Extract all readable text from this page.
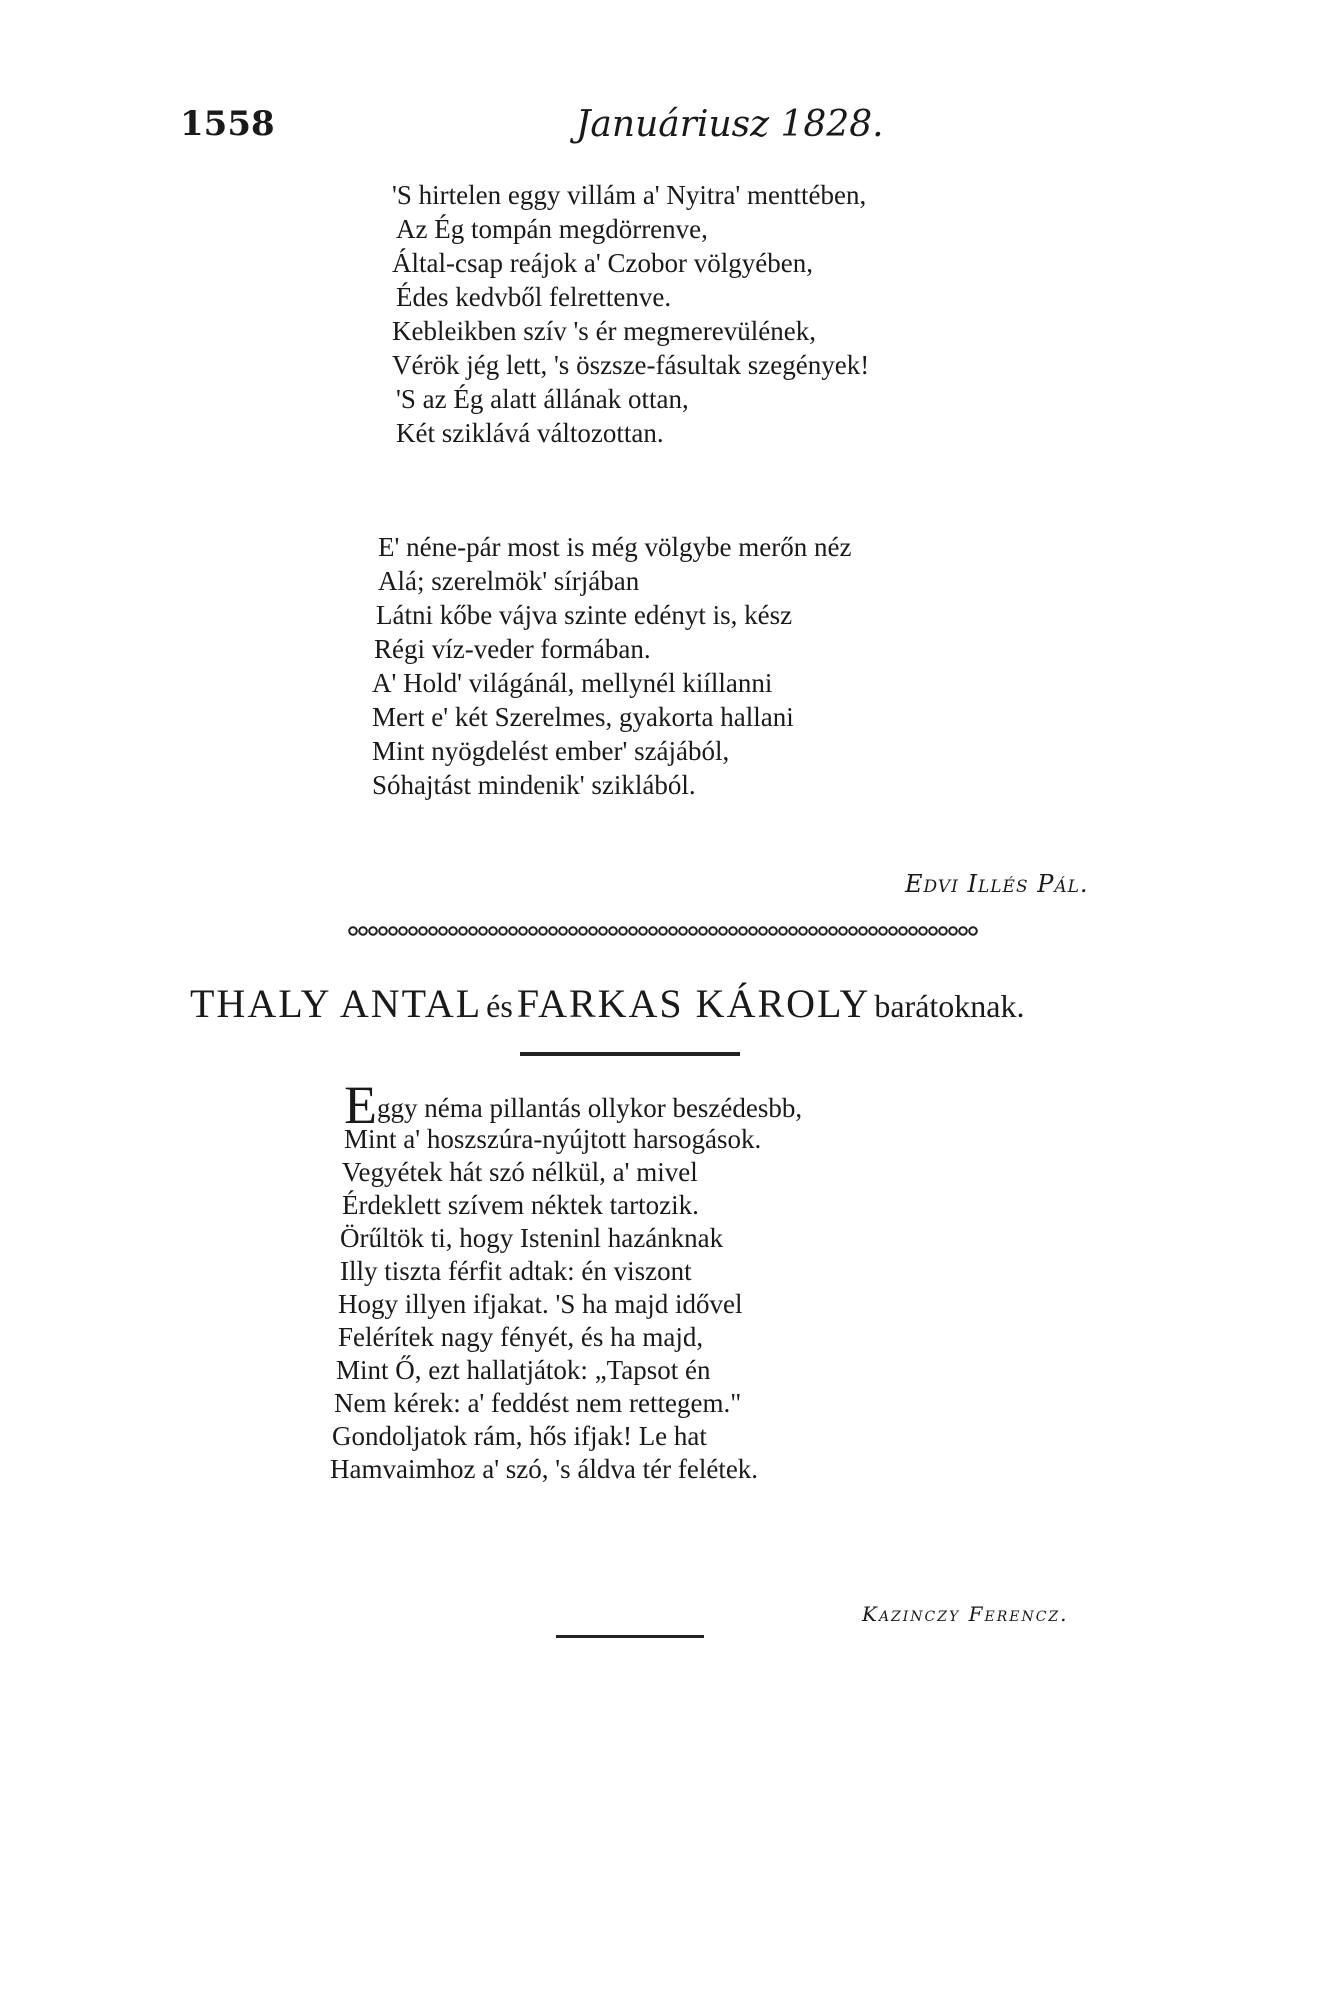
1558	Januáriusz 1828.
'S hirtelen eggy villám a' Nyitra' menttében,
Az Ég tompán megdörrenve,
Által-csap reájok a' Czobor völgyében,
Édes kedvből felrettenve.
Kebleikben szív 's ér megmerevülének,
Vérök jég lett, 's öszsze-fásultak szegények!
'S az Ég alatt állának ottan,
Két sziklává változottan.
E' néne-pár most is még völgybe merőn néz
Alá; szerelmök' sírjában
Látni kőbe vájva szinte edényt is, kész
Régi víz-veder formában.
A' Hold' világánál, mellynél kiíllanni
Mert e' két Szerelmes, gyakorta hallani
Mint nyögdelést ember' szájából,
Sóhajtást mindenik' sziklából.
Edvi Illés Pál.
THALY ANTAL és FARKAS KÁROLY barátoknak.
Eggy néma pillantás ollykor beszédesbb,
Mint a' hoszszúra-nyújtott harsogások.
Vegyétek hát szó nélkül, a' mivel
Érdeklett szívem néktek tartozik.
Örűltök ti, hogy Isteninl hazánknak
Illy tiszta férfit adtak: én viszont
Hogy illyen ifjakat. 'S ha majd idővel
Felérítek nagy fényét, és ha majd,
Mint Ő, ezt hallatjátok: „Tapsot én
Nem kérek: a' feddést nem rettegem."
Gondoljatok rám, hős ifjak! Le hat
Hamvaimhoz a' szó, 's áldva tér felétek.
Kazinczy Ferencz.
